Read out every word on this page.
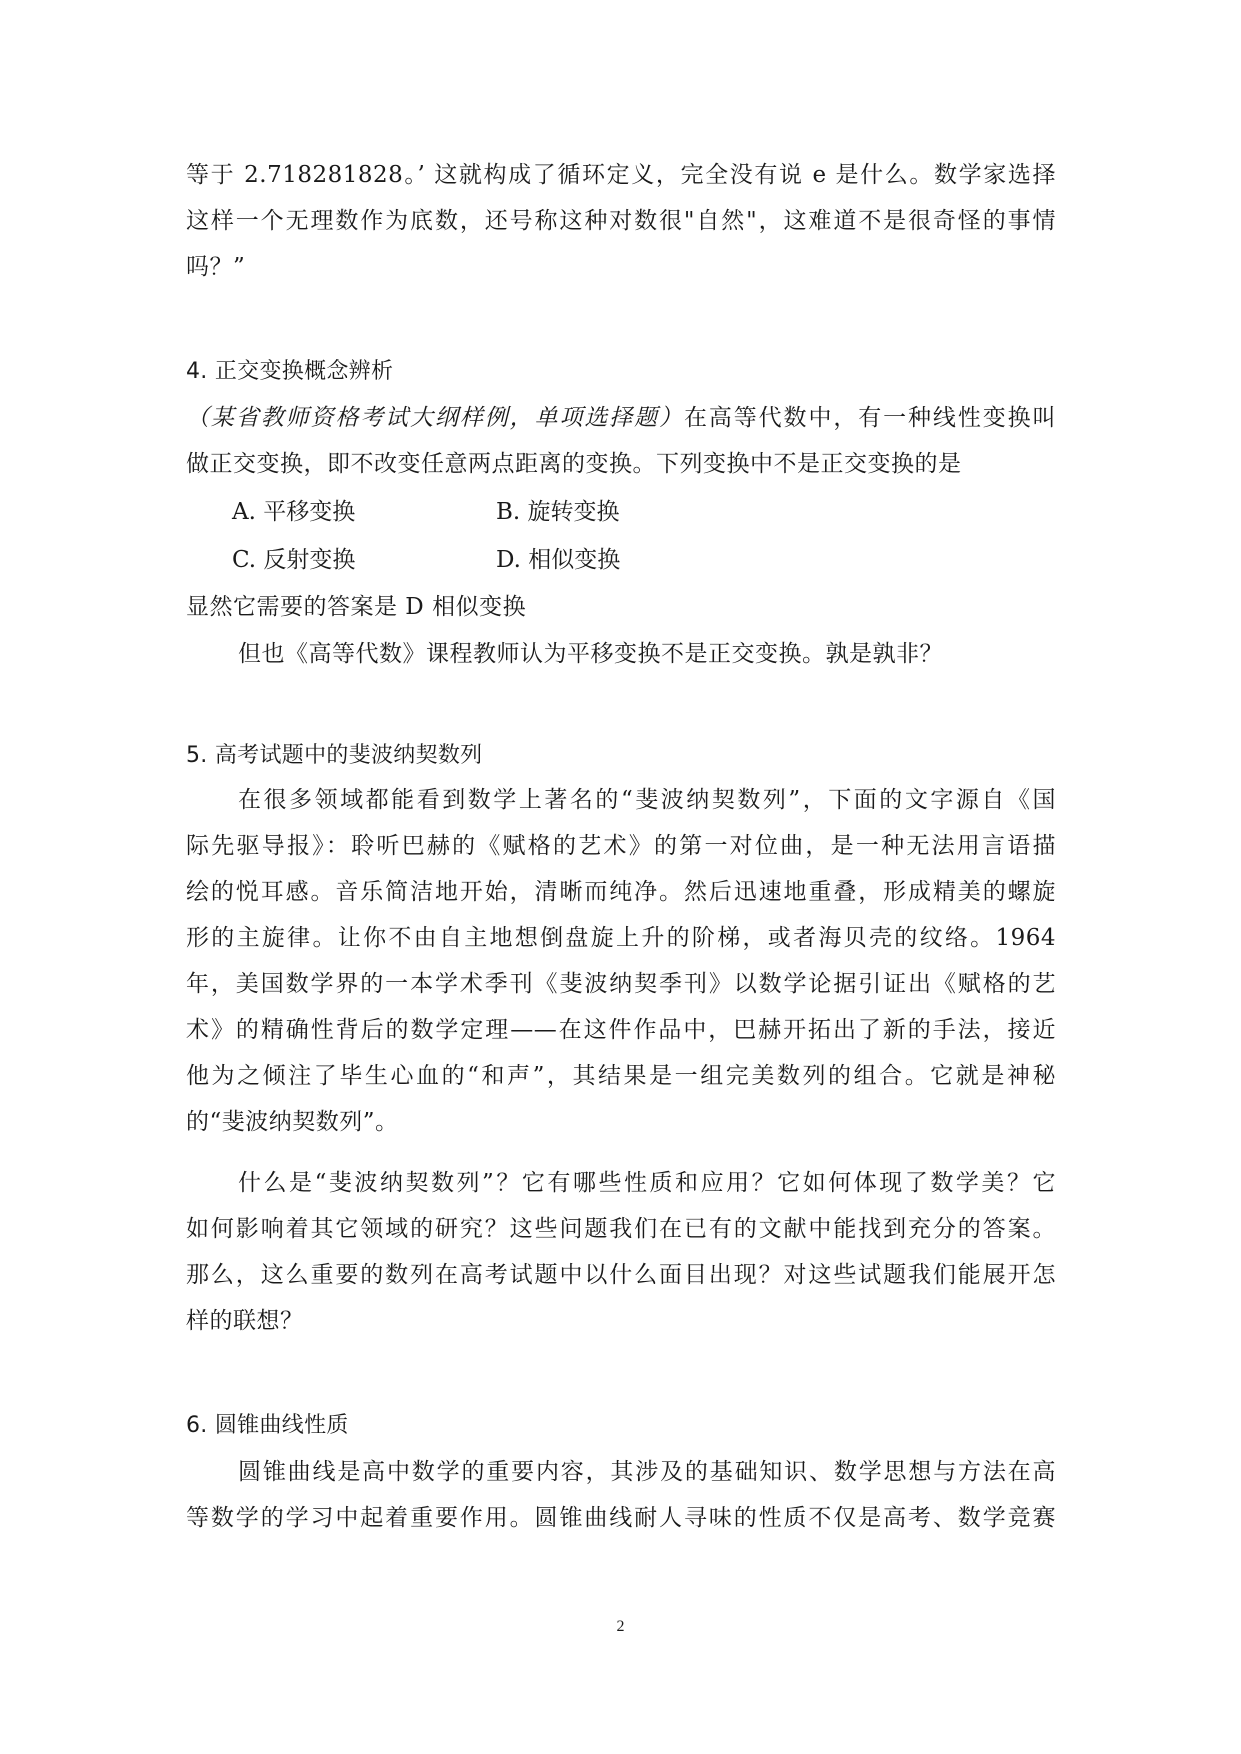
等于 2.718281828。’ 这就构成了循环定义，完全没有说 e 是什么。数学家选择
这样一个无理数作为底数，还号称这种对数很"自然"，这难道不是很奇怪的事情
吗？”
4. 正交变换概念辨析
（某省教师资格考试大纲样例，单项选择题）在高等代数中，有一种线性变换叫
做正交变换，即不改变任意两点距离的变换。下列变换中不是正交变换的是
A. 平移变换	B. 旋转变换
C. 反射变换	D. 相似变换
显然它需要的答案是 D 相似变换
但也《高等代数》课程教师认为平移变换不是正交变换。孰是孰非？
5. 高考试题中的斐波纳契数列
在很多领域都能看到数学上著名的“斐波纳契数列”，下面的文字源自《国
际先驱导报》：聆听巴赫的《赋格的艺术》的第一对位曲，是一种无法用言语描
绘的悦耳感。音乐简洁地开始，清晰而纯净。然后迅速地重叠，形成精美的螺旋
形的主旋律。让你不由自主地想倒盘旋上升的阶梯，或者海贝壳的纹络。1964
年，美国数学界的一本学术季刊《斐波纳契季刊》以数学论据引证出《赋格的艺
术》的精确性背后的数学定理——在这件作品中，巴赫开拓出了新的手法，接近
他为之倾注了毕生心血的“和声”，其结果是一组完美数列的组合。它就是神秘
的“斐波纳契数列”。
什么是“斐波纳契数列”？它有哪些性质和应用？它如何体现了数学美？它
如何影响着其它领域的研究？这些问题我们在已有的文献中能找到充分的答案。
那么，这么重要的数列在高考试题中以什么面目出现？对这些试题我们能展开怎
样的联想？
6. 圆锥曲线性质
圆锥曲线是高中数学的重要内容，其涉及的基础知识、数学思想与方法在高
等数学的学习中起着重要作用。圆锥曲线耐人寻味的性质不仅是高考、数学竞赛
2
